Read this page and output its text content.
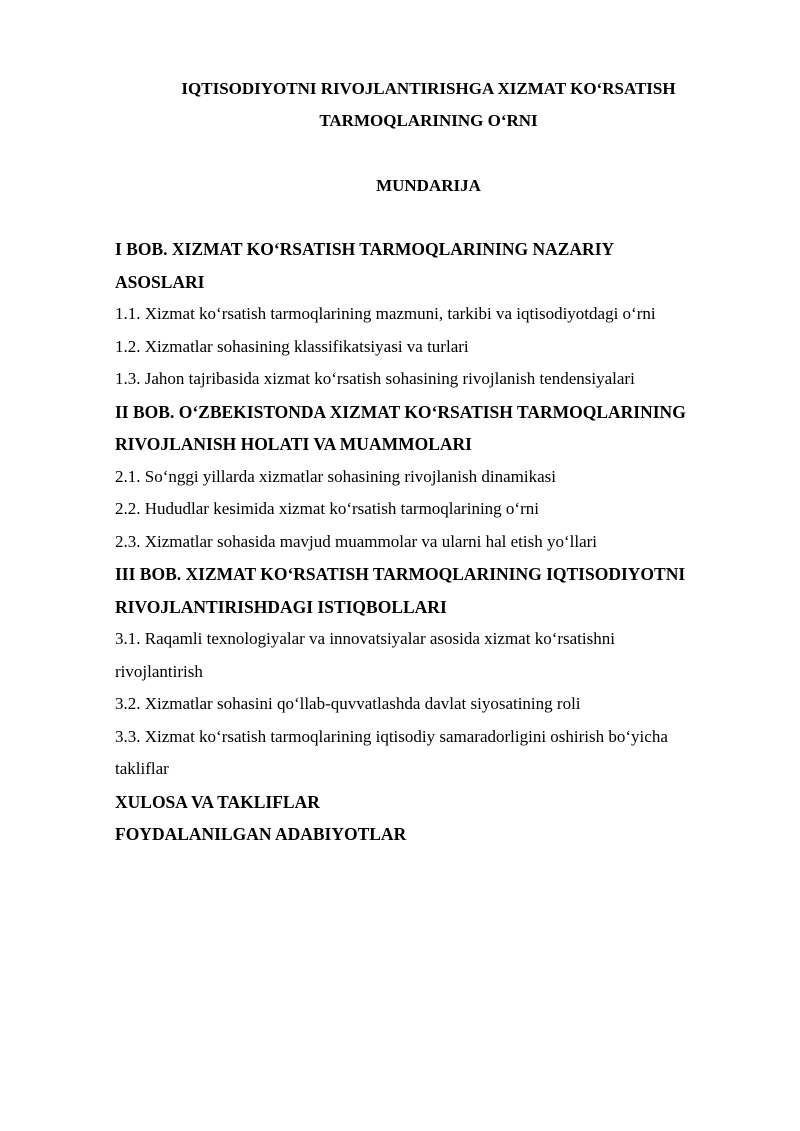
IQTISODIYOTNI RIVOJLANTIRISHGA XIZMAT KO‘RSATISH
TARMOQLARINING O‘RNI
MUNDARIJA
I BOB. XIZMAT KO‘RSATISH TARMOQLARINING NAZARIY
ASOSLARI
1.1. Xizmat ko‘rsatish tarmoqlarining mazmuni, tarkibi va iqtisodiyotdagi o‘rni
1.2. Xizmatlar sohasining klassifikatsiyasi va turlari
1.3. Jahon tajribasida xizmat ko‘rsatish sohasining rivojlanish tendensiyalari
II BOB. O‘ZBEKISTONDA XIZMAT KO‘RSATISH TARMOQLARINING
RIVOJLANISH HOLATI VA MUAMMOLARI
2.1. So‘nggi yillarda xizmatlar sohasining rivojlanish dinamikasi
2.2. Hududlar kesimida xizmat ko‘rsatish tarmoqlarining o‘rni
2.3. Xizmatlar sohasida mavjud muammolar va ularni hal etish yo‘llari
III BOB. XIZMAT KO‘RSATISH TARMOQLARINING IQTISODIYOTNI
RIVOJLANTIRISHDAGI ISTIQBOLLARI
3.1. Raqamli texnologiyalar va innovatsiyalar asosida xizmat ko‘rsatishni
rivojlantirish
3.2. Xizmatlar sohasini qo‘llab-quvvatlashda davlat siyosatining roli
3.3. Xizmat ko‘rsatish tarmoqlarining iqtisodiy samaradorligini oshirish bo‘yicha
takliflar
XULOSA VA TAKLIFLAR
FOYDALANILGAN ADABIYOTLAR
